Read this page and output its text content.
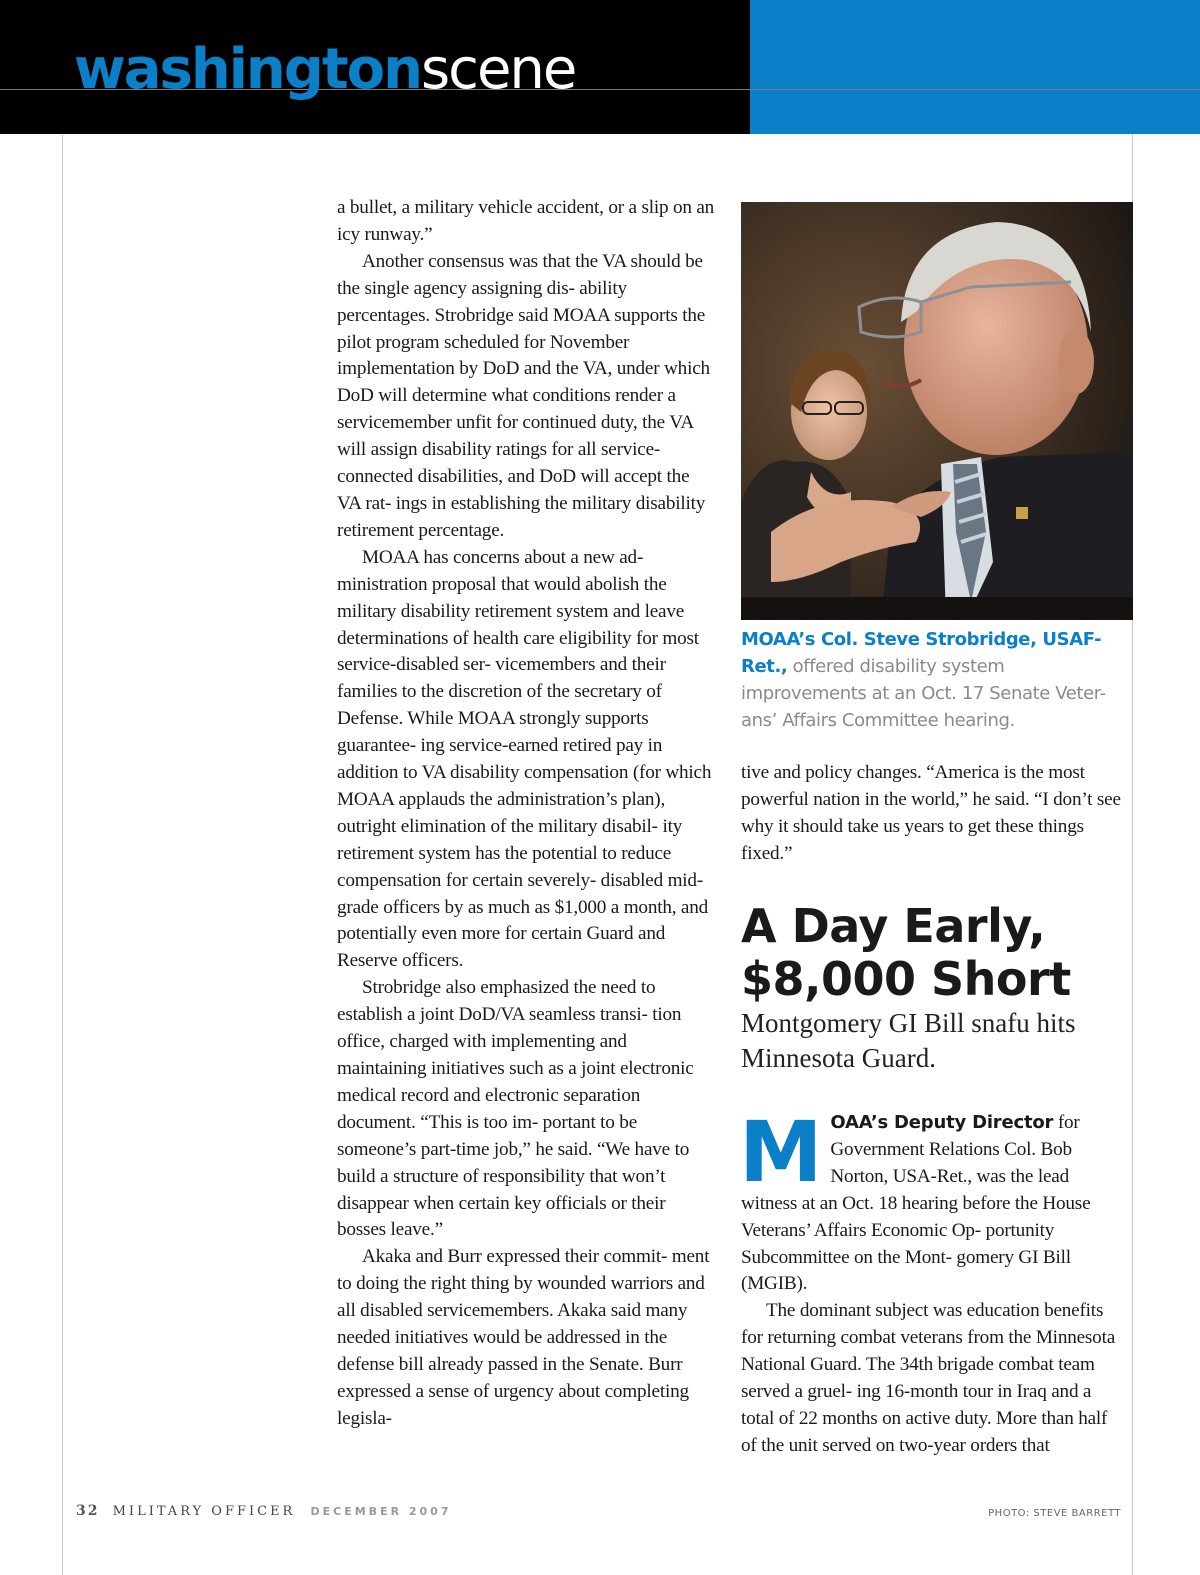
washingtonscene

a bullet, a military vehicle accident, or a slip on an icy runway.”

Another consensus was that the VA should be the single agency assigning dis- ability percentages. Strobridge said MOAA supports the pilot program scheduled for November implementation by DoD and the VA, under which DoD will determine what conditions render a servicemember unfit for continued duty, the VA will assign disability ratings for all service-connected disabilities, and DoD will accept the VA rat- ings in establishing the military disability retirement percentage.

MOAA has concerns about a new ad- ministration proposal that would abolish the military disability retirement system and leave determinations of health care eligibility for most service-disabled ser- vicemembers and their families to the discretion of the secretary of Defense. While MOAA strongly supports guarantee- ing service-earned retired pay in addition to VA disability compensation (for which MOAA applauds the administration’s plan), outright elimination of the military disabil- ity retirement system has the potential to reduce compensation for certain severely- disabled mid-grade officers by as much as $1,000 a month, and potentially even more for certain Guard and Reserve officers.

Strobridge also emphasized the need to establish a joint DoD/VA seamless transi- tion office, charged with implementing and maintaining initiatives such as a joint electronic medical record and electronic separation document. “This is too im- portant to be someone’s part-time job,” he said. “We have to build a structure of responsibility that won’t disappear when certain key officials or their bosses leave.”

Akaka and Burr expressed their commit- ment to doing the right thing by wounded warriors and all disabled servicemembers. Akaka said many needed initiatives would be addressed in the defense bill already passed in the Senate. Burr expressed a sense of urgency about completing legisla-

MOAA’s Col. Steve Strobridge, USAF-Ret., offered disability system improvements at an Oct. 17 Senate Veter- ans’ Affairs Committee hearing.

tive and policy changes. “America is the most powerful nation in the world,” he said. “I don’t see why it should take us years to get these things fixed.”

A Day Early,
$8,000 Short
Montgomery GI Bill snafu hits Minnesota Guard.

MOAA’s Deputy Director for Government Relations Col. Bob Norton, USA-Ret., was the lead witness at an Oct. 18 hearing before the House Veterans’ Affairs Economic Op- portunity Subcommittee on the Mont- gomery GI Bill (MGIB).

The dominant subject was education benefits for returning combat veterans from the Minnesota National Guard. The 34th brigade combat team served a gruel- ing 16-month tour in Iraq and a total of 22 months on active duty. More than half of the unit served on two-year orders that

32 MILITARY OFFICER DECEMBER 2007	PHOTO: STEVE BARRETT
